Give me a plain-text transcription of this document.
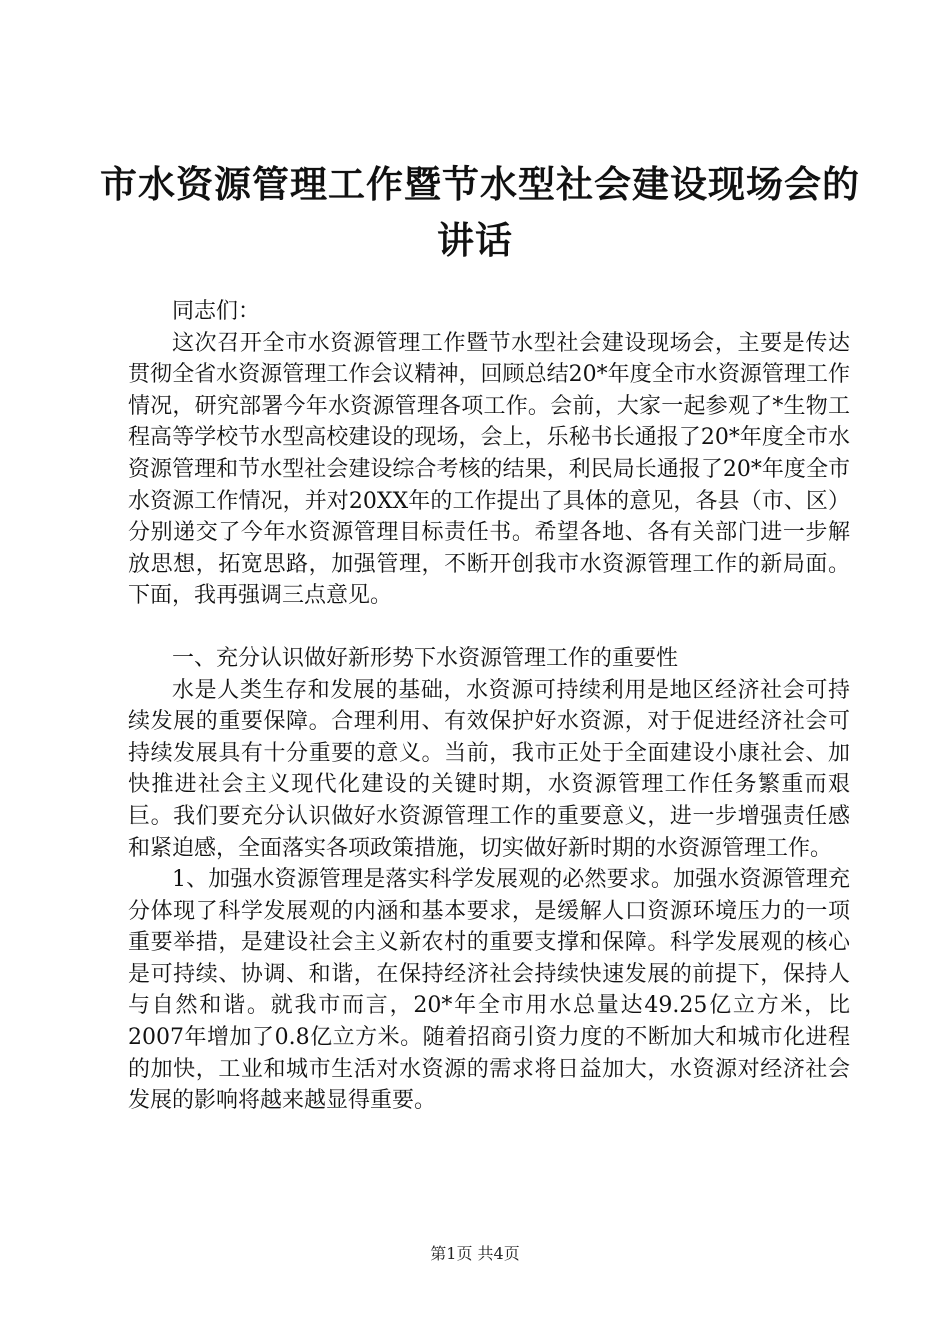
市水资源管理工作暨节水型社会建设现场会的
讲话

同志们：

这次召开全市水资源管理工作暨节水型社会建设现场会，主要是传达贯彻全省水资源管理工作会议精神，回顾总结20*年度全市水资源管理工作情况，研究部署今年水资源管理各项工作。会前，大家一起参观了*生物工程高等学校节水型高校建设的现场，会上，乐秘书长通报了20*年度全市水资源管理和节水型社会建设综合考核的结果，利民局长通报了20*年度全市水资源工作情况，并对20XX年的工作提出了具体的意见，各县（市、区）分别递交了今年水资源管理目标责任书。希望各地、各有关部门进一步解放思想，拓宽思路，加强管理，不断开创我市水资源管理工作的新局面。下面，我再强调三点意见。

一、充分认识做好新形势下水资源管理工作的重要性

水是人类生存和发展的基础，水资源可持续利用是地区经济社会可持续发展的重要保障。合理利用、有效保护好水资源，对于促进经济社会可持续发展具有十分重要的意义。当前，我市正处于全面建设小康社会、加快推进社会主义现代化建设的关键时期，水资源管理工作任务繁重而艰巨。我们要充分认识做好水资源管理工作的重要意义，进一步增强责任感和紧迫感，全面落实各项政策措施，切实做好新时期的水资源管理工作。

1、加强水资源管理是落实科学发展观的必然要求。加强水资源管理充分体现了科学发展观的内涵和基本要求，是缓解人口资源环境压力的一项重要举措，是建设社会主义新农村的重要支撑和保障。科学发展观的核心是可持续、协调、和谐，在保持经济社会持续快速发展的前提下，保持人与自然和谐。就我市而言，20*年全市用水总量达49.25亿立方米，比2007年增加了0.8亿立方米。随着招商引资力度的不断加大和城市化进程的加快，工业和城市生活对水资源的需求将日益加大，水资源对经济社会发展的影响将越来越显得重要。

第1页 共4页
